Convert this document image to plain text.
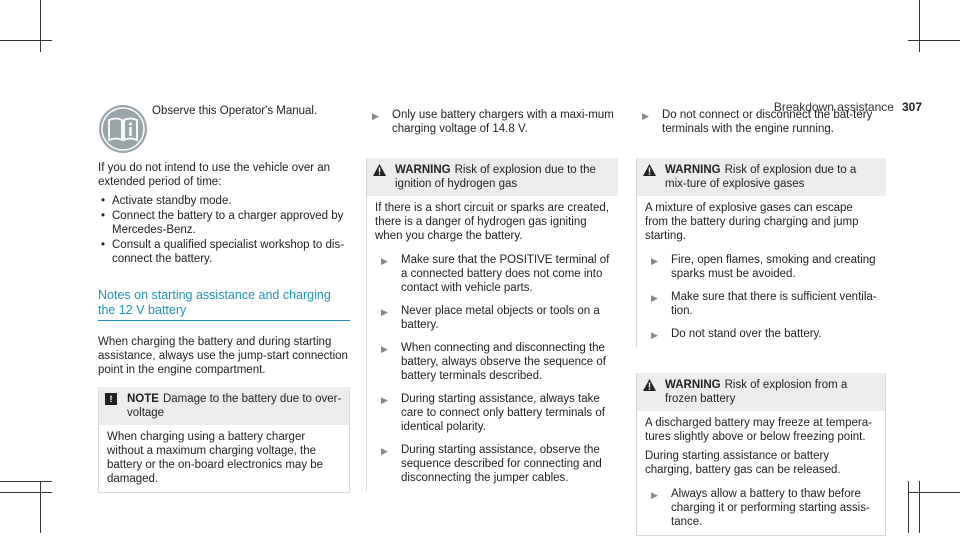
Breakdown assistance 307

Observe this Operator's Manual.

If you do not intend to use the vehicle over an extended period of time:

• Activate standby mode.
• Connect the battery to a charger approved by Mercedes-Benz.
• Consult a qualified specialist workshop to dis-connect the battery.
Notes on starting assistance and charging the 12 V battery

When charging the battery and during starting assistance, always use the jump-start connection point in the engine compartment.

!	NOTE Damage to the battery due to over-voltage
When charging using a battery charger without a maximum charging voltage, the battery or the on-board electronics may be damaged.
▶ Only use battery chargers with a maxi-mum charging voltage of 14.8 V.
WARNING Risk of explosion due to the ignition of hydrogen gas

If there is a short circuit or sparks are created, there is a danger of hydrogen gas igniting when you charge the battery.

▶ Make sure that the POSITIVE terminal of a connected battery does not come into contact with vehicle parts.
▶ Never place metal objects or tools on a battery.
▶ When connecting and disconnecting the battery, always observe the sequence of battery terminals described.
▶ During starting assistance, always take care to connect only battery terminals of identical polarity.
▶ During starting assistance, observe the sequence described for connecting and disconnecting the jumper cables.
▶ Do not connect or disconnect the bat-tery terminals with the engine running.
WARNING Risk of explosion due to a mix-ture of explosive gases

A mixture of explosive gases can escape from the battery during charging and jump starting.

▶ Fire, open flames, smoking and creating sparks must be avoided.
▶ Make sure that there is sufficient ventila-tion.
▶ Do not stand over the battery.
WARNING Risk of explosion from a frozen battery

A discharged battery may freeze at tempera-tures slightly above or below freezing point.

During starting assistance or battery charging, battery gas can be released.

▶ Always allow a battery to thaw before charging it or performing starting assis-tance.
